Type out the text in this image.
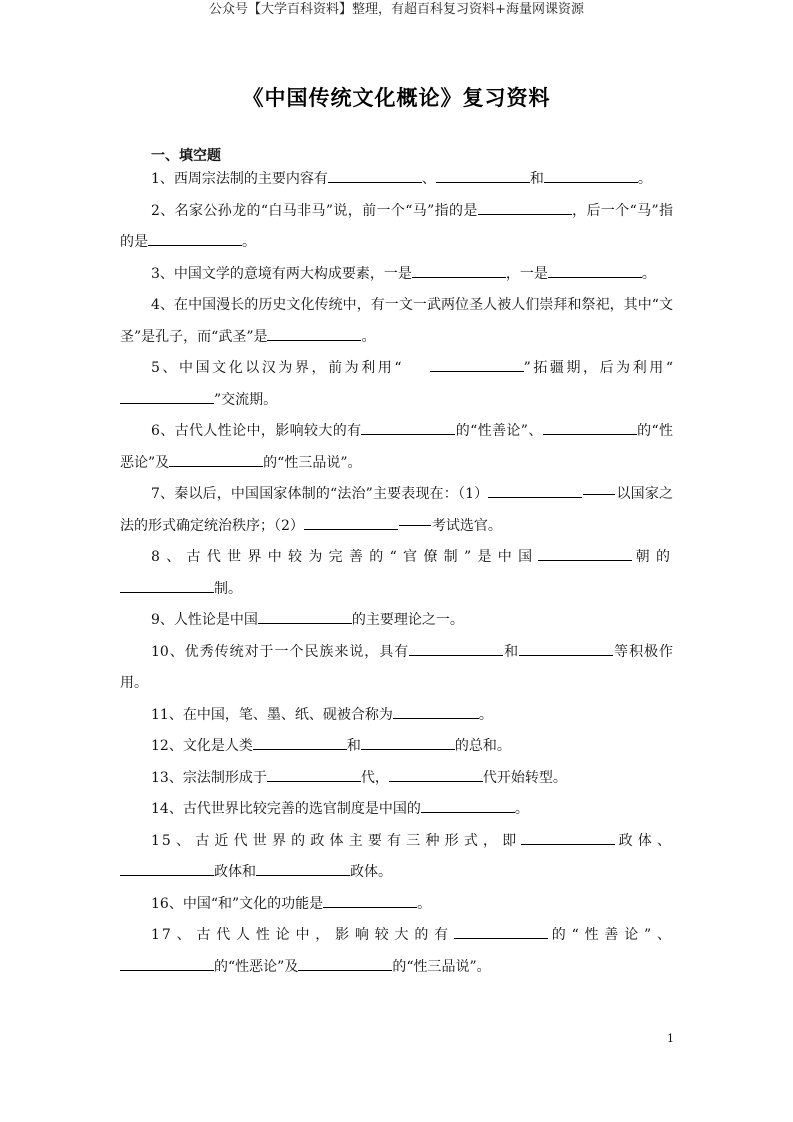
公众号【大学百科资料】整理，有超百科复习资料+海量网课资源
《中国传统文化概论》复习资料
一、填空题
1、西周宗法制的主要内容有	、	和	。
2、名家公孙龙的“白马非马”说，前一个“马”指的是	，后一个“马”指的是	。
3、中国文学的意境有两大构成要素，一是	，一是	。
4、在中国漫长的历史文化传统中，有一文一武两位圣人被人们崇拜和祭祀，其中“文圣”是孔子，而“武圣”是	。
5、中国文化以汉为界，前为利用“	”拓疆期，后为利用“”交流期。
6、古代人性论中，影响较大的有	的“性善论”、	的“性恶论”及	的“性三品说”。
7、秦以后，中国国家体制的“法治”主要表现在：（1）	以国家之法的形式确定统治秩序；（2）	考试选官。
8、古代世界中较为完善的“官僚制”是中国	朝的制。
9、人性论是中国	的主要理论之一。
10、优秀传统对于一个民族来说，具有	和	等积极作用。
11、在中国，笔、墨、纸、砚被合称为	。
12、文化是人类	和	的总和。
13、宗法制形成于	代，	代开始转型。
14、古代世界比较完善的选官制度是中国的	。
15、古近代世界的政体主要有三种形式，即	政体、政体和	政体。
16、中国“和”文化的功能是	。
17、古代人性论中，影响较大的有	的“性善论”、的“性恶论”及	的“性三品说”。
1
